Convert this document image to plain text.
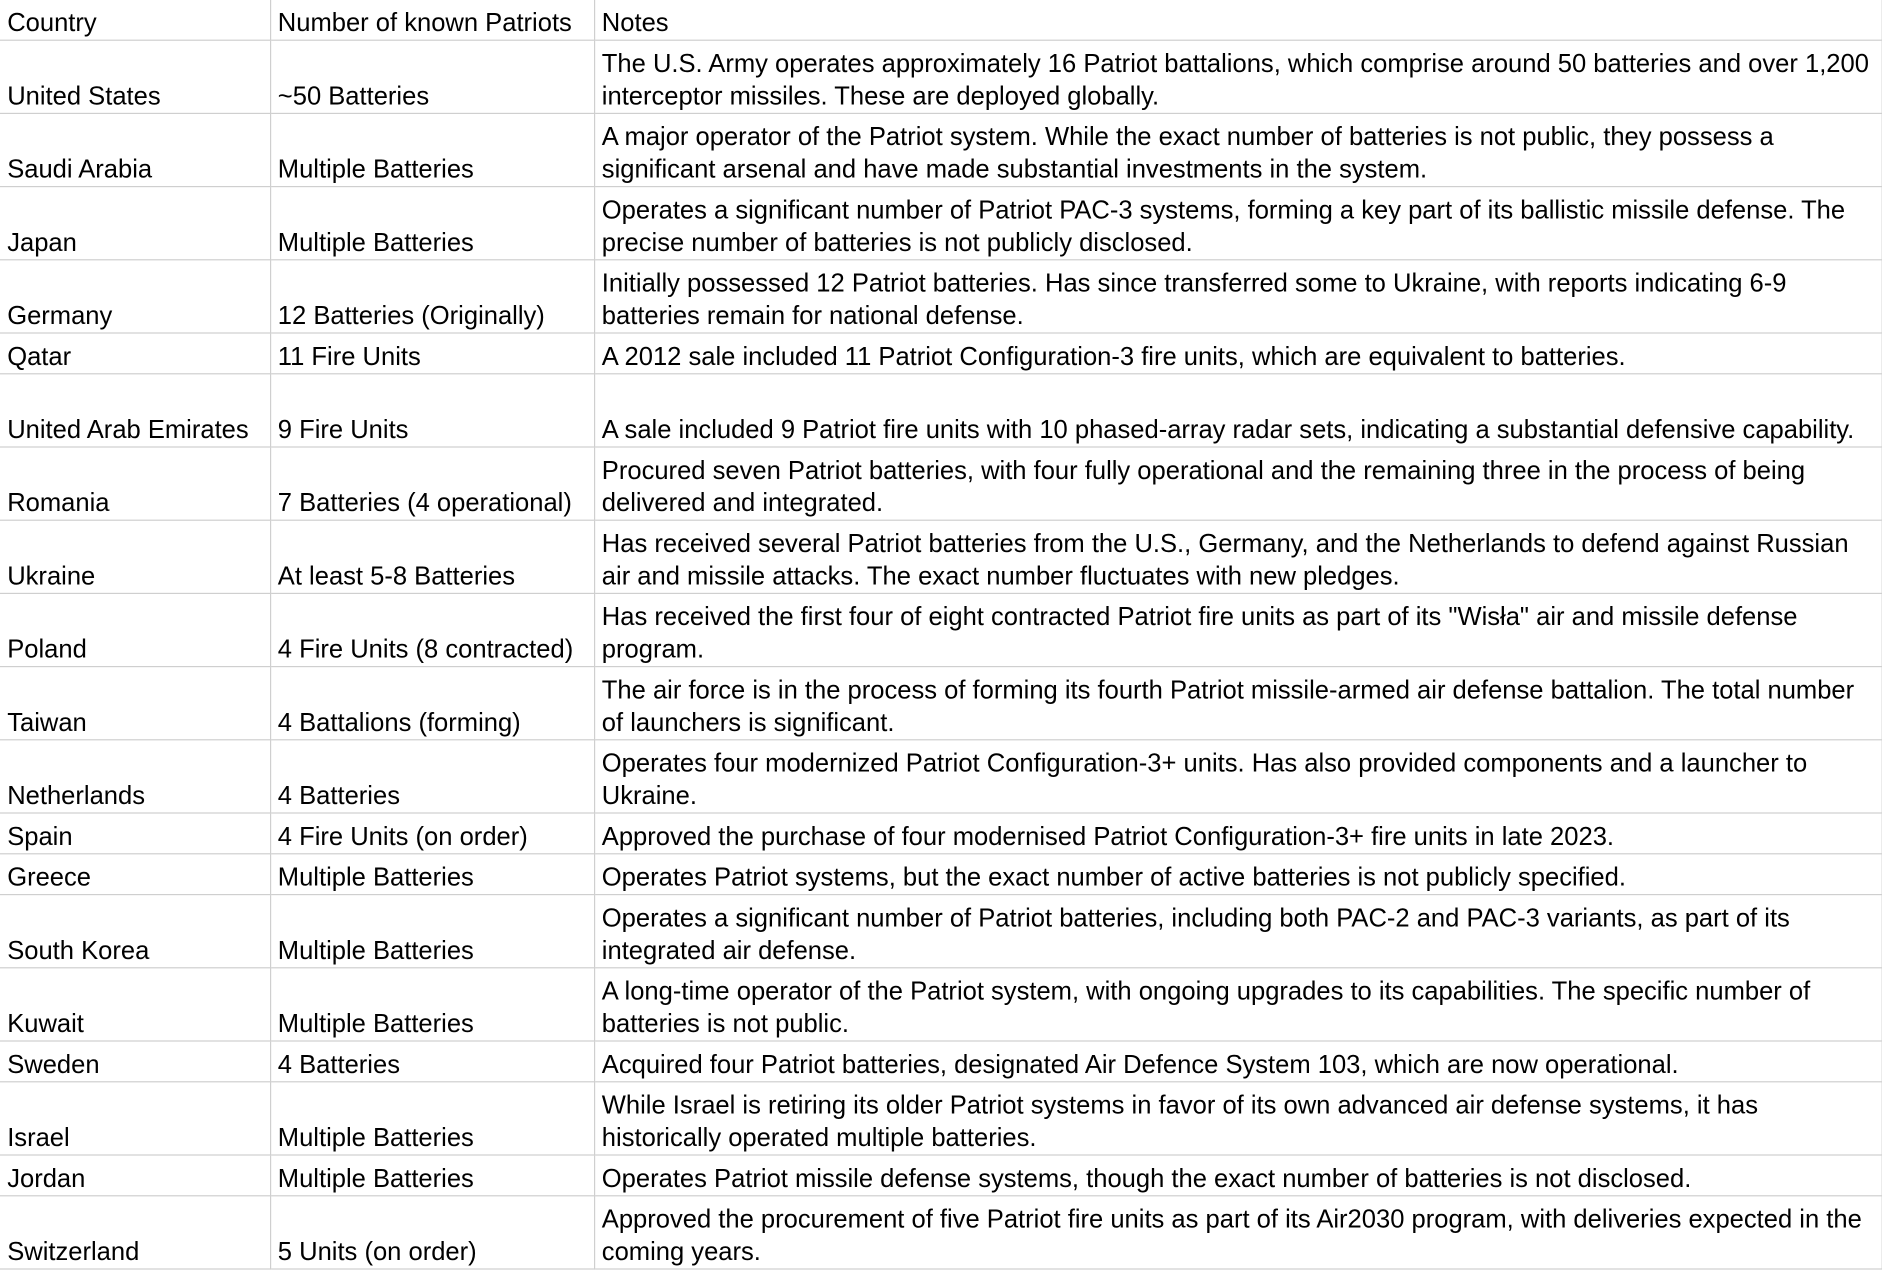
Country	Number of known Patriots	Notes
United States	~50 Batteries	The U.S. Army operates approximately 16 Patriot battalions, which comprise around 50 batteries and over 1,200 interceptor missiles. These are deployed globally.
Saudi Arabia	Multiple Batteries	A major operator of the Patriot system. While the exact number of batteries is not public, they possess a significant arsenal and have made substantial investments in the system.
Japan	Multiple Batteries	Operates a significant number of Patriot PAC-3 systems, forming a key part of its ballistic missile defense. The precise number of batteries is not publicly disclosed.
Germany	12 Batteries (Originally)	Initially possessed 12 Patriot batteries. Has since transferred some to Ukraine, with reports indicating 6-9 batteries remain for national defense.
Qatar	11 Fire Units	A 2012 sale included 11 Patriot Configuration-3 fire units, which are equivalent to batteries.
United Arab Emirates	9 Fire Units	A sale included 9 Patriot fire units with 10 phased-array radar sets, indicating a substantial defensive capability.
Romania	7 Batteries (4 operational)	Procured seven Patriot batteries, with four fully operational and the remaining three in the process of being delivered and integrated.
Ukraine	At least 5-8 Batteries	Has received several Patriot batteries from the U.S., Germany, and the Netherlands to defend against Russian air and missile attacks. The exact number fluctuates with new pledges.
Poland	4 Fire Units (8 contracted)	Has received the first four of eight contracted Patriot fire units as part of its "Wisła" air and missile defense program.
Taiwan	4 Battalions (forming)	The air force is in the process of forming its fourth Patriot missile-armed air defense battalion. The total number of launchers is significant.
Netherlands	4 Batteries	Operates four modernized Patriot Configuration-3+ units. Has also provided components and a launcher to Ukraine.
Spain	4 Fire Units (on order)	Approved the purchase of four modernised Patriot Configuration-3+ fire units in late 2023.
Greece	Multiple Batteries	Operates Patriot systems, but the exact number of active batteries is not publicly specified.
South Korea	Multiple Batteries	Operates a significant number of Patriot batteries, including both PAC-2 and PAC-3 variants, as part of its integrated air defense.
Kuwait	Multiple Batteries	A long-time operator of the Patriot system, with ongoing upgrades to its capabilities. The specific number of batteries is not public.
Sweden	4 Batteries	Acquired four Patriot batteries, designated Air Defence System 103, which are now operational.
Israel	Multiple Batteries	While Israel is retiring its older Patriot systems in favor of its own advanced air defense systems, it has historically operated multiple batteries.
Jordan	Multiple Batteries	Operates Patriot missile defense systems, though the exact number of batteries is not disclosed.
Switzerland	5 Units (on order)	Approved the procurement of five Patriot fire units as part of its Air2030 program, with deliveries expected in the coming years.
